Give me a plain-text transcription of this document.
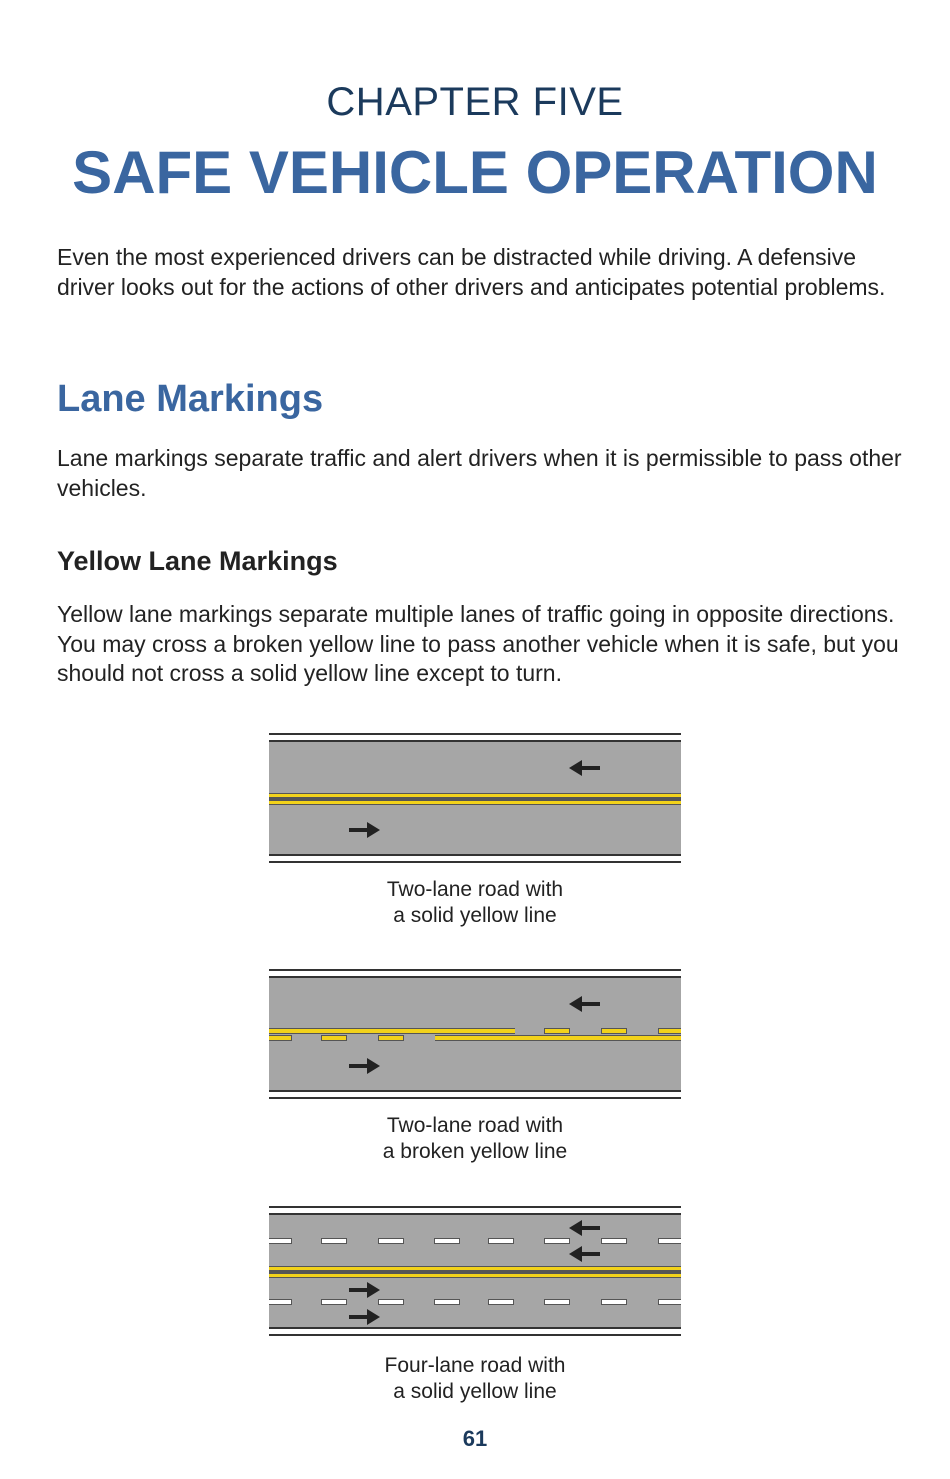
CHAPTER FIVE
SAFE VEHICLE OPERATION

Even the most experienced drivers can be distracted while driving. A defensive driver looks out for the actions of other drivers and anticipates potential problems.

Lane Markings

Lane markings separate traffic and alert drivers when it is permissible to pass other vehicles.

Yellow Lane Markings

Yellow lane markings separate multiple lanes of traffic going in opposite directions. You may cross a broken yellow line to pass another vehicle when it is safe, but you should not cross a solid yellow line except to turn.

Two-lane road with
a solid yellow line
Two-lane road with
a broken yellow line
Four-lane road with
a solid yellow line
61
